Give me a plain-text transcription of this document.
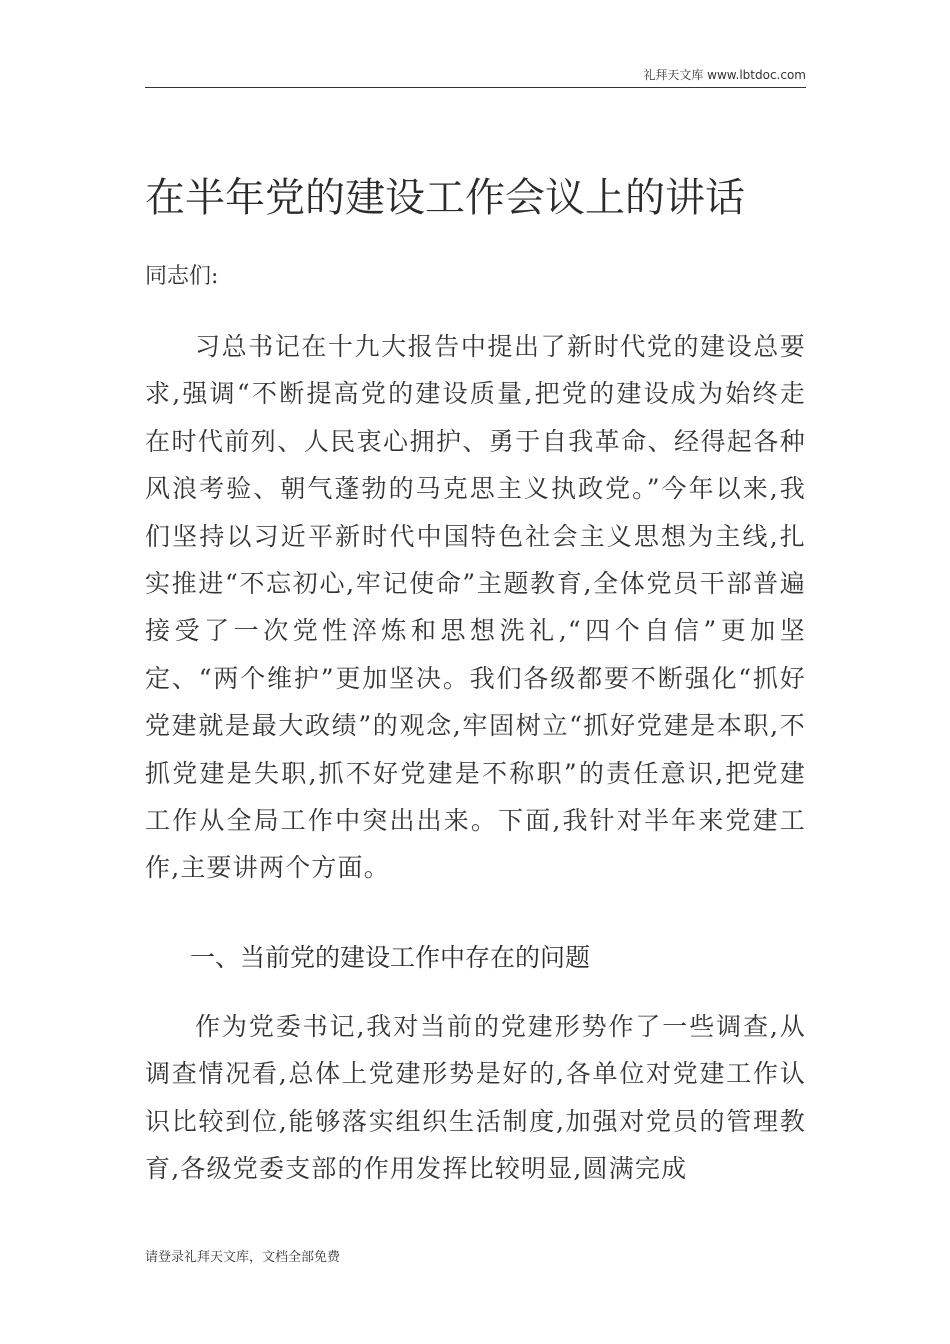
礼拜天文库 www.lbtdoc.com
在半年党的建设工作会议上的讲话
同志们:
习总书记在十九大报告中提出了新时代党的建设总要求,强调“不断提高党的建设质量,把党的建设成为始终走在时代前列、人民衷心拥护、勇于自我革命、经得起各种风浪考验、朝气蓬勃的马克思主义执政党。”今年以来,我们坚持以习近平新时代中国特色社会主义思想为主线,扎实推进“不忘初心,牢记使命”主题教育,全体党员干部普遍接受了一次党性淬炼和思想洗礼,“四个自信”更加坚定、“两个维护”更加坚决。我们各级都要不断强化“抓好党建就是最大政绩”的观念,牢固树立“抓好党建是本职,不抓党建是失职,抓不好党建是不称职”的责任意识,把党建工作从全局工作中突出出来。下面,我针对半年来党建工作,主要讲两个方面。
一、当前党的建设工作中存在的问题
作为党委书记,我对当前的党建形势作了一些调查,从调查情况看,总体上党建形势是好的,各单位对党建工作认识比较到位,能够落实组织生活制度,加强对党员的管理教育,各级党委支部的作用发挥比较明显,圆满完成
请登录礼拜天文库，文档全部免费
